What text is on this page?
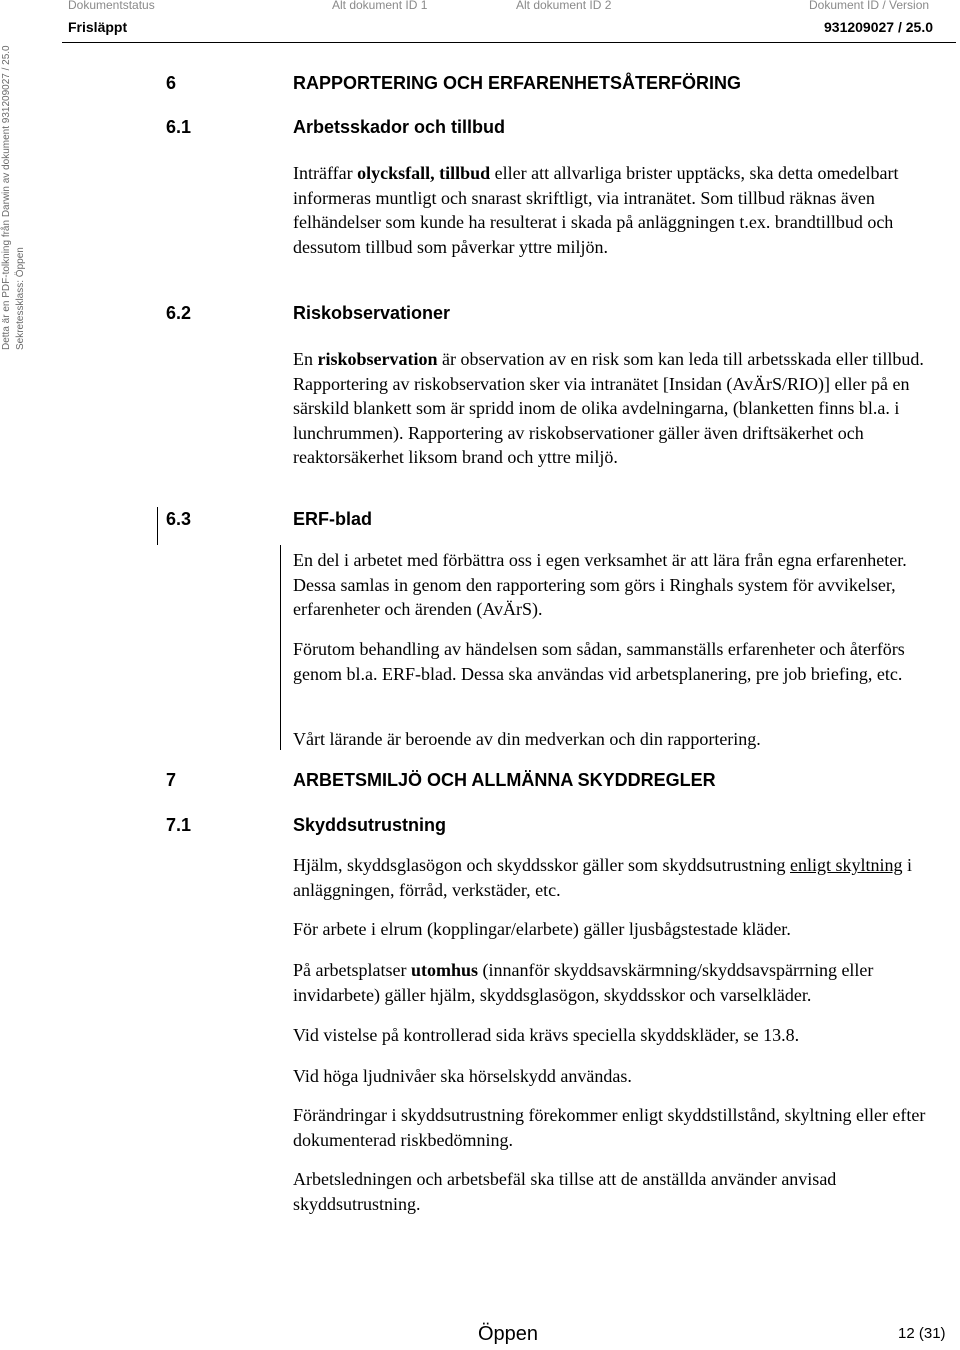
Dokumentstatus
Frisläppt
Alt dokument ID 1	Alt dokument ID 2	Dokument ID / Version
931209027 / 25.0
Detta är en PDF-tolkning från Darwin av dokument 931209027 / 25.0 Sekretessklass: Öppen
6	RAPPORTERING OCH ERFARENHETSÅTERFÖRING
6.1	Arbetsskador och tillbud

Inträffar olycksfall, tillbud eller att allvarliga brister upptäcks, ska detta omedelbart informeras muntligt och snarast skriftligt, via intranätet. Som tillbud räknas även felhändelser som kunde ha resulterat i skada på anläggningen t.ex. brandtillbud och dessutom tillbud som påverkar yttre miljön.

6.2	Riskobservationer

En riskobservation är observation av en risk som kan leda till arbetsskada eller tillbud. Rapportering av riskobservation sker via intranätet [Insidan (AvÄrS/RIO)] eller på en särskild blankett som är spridd inom de olika avdelningarna, (blanketten finns bl.a. i lunchrummen). Rapportering av riskobservationer gäller även driftsäkerhet och reaktorsäkerhet liksom brand och yttre miljö.

6.3	ERF-blad

En del i arbetet med förbättra oss i egen verksamhet är att lära från egna erfarenheter. Dessa samlas in genom den rapportering som görs i Ringhals system för avvikelser, erfarenheter och ärenden (AvÄrS).

Förutom behandling av händelsen som sådan, sammanställs erfarenheter och återförs genom bl.a. ERF-blad. Dessa ska användas vid arbetsplanering, pre job briefing, etc.

Vårt lärande är beroende av din medverkan och din rapportering.

7	ARBETSMILJÖ OCH ALLMÄNNA SKYDDREGLER
7.1	Skyddsutrustning

Hjälm, skyddsglasögon och skyddsskor gäller som skyddsutrustning enligt skyltning i anläggningen, förråd, verkstäder, etc.

För arbete i elrum (kopplingar/elarbete) gäller ljusbågstestade kläder.

På arbetsplatser utomhus (innanför skyddsavskärmning/skyddsavspärrning eller invidarbete) gäller hjälm, skyddsglasögon, skyddsskor och varselkläder.

Vid vistelse på kontrollerad sida krävs speciella skyddskläder, se 13.8.

Vid höga ljudnivåer ska hörselskydd användas.

Förändringar i skyddsutrustning förekommer enligt skyddstillstånd, skyltning eller efter dokumenterad riskbedömning.

Arbetsledningen och arbetsbefäl ska tillse att de anställda använder anvisad skyddsutrustning.

Öppen	12 (31)
